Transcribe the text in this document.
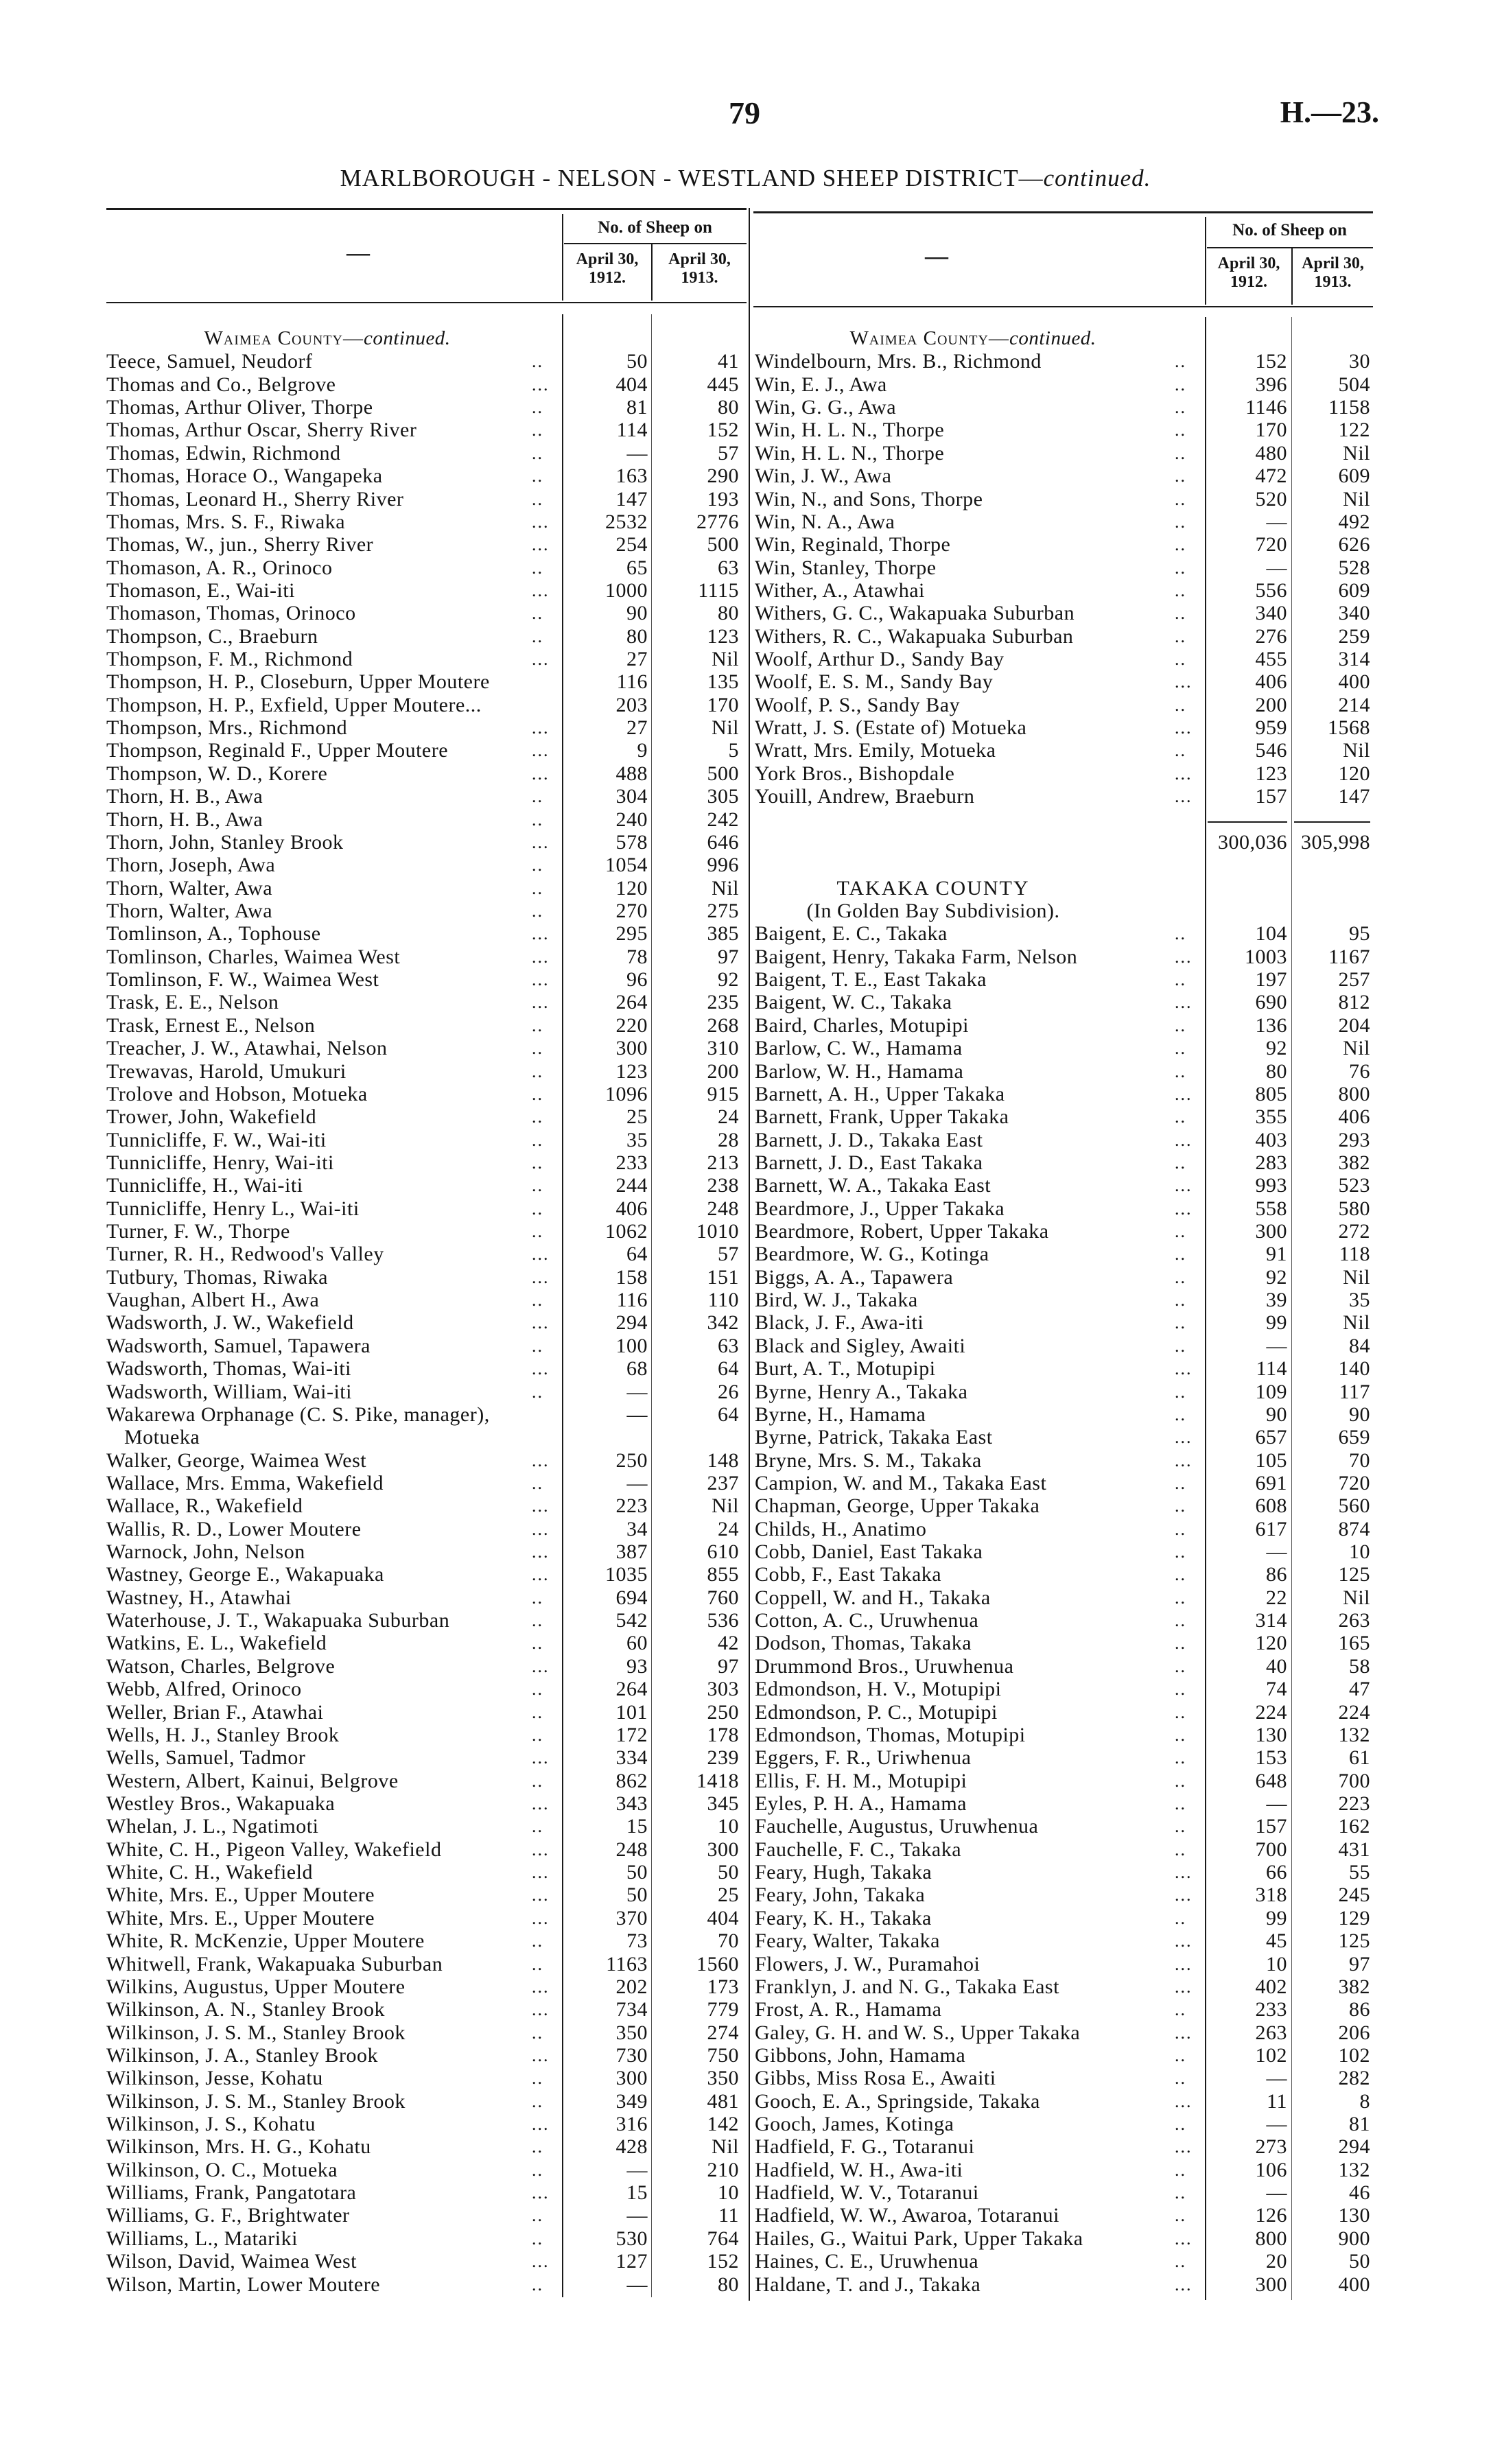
79	H.—23.
MARLBOROUGH - NELSON - WESTLAND SHEEP DISTRICT—continued.
—
No. of Sheep on
April 30,
1912.
April 30,
1913.
—
No. of Sheep on
April 30,
1912.
April 30,
1913.
Waimea County—continued.
Teece, Samuel, Neudorf	..	50	41
Thomas and Co., Belgrove	...	404	445
Thomas, Arthur Oliver, Thorpe	..	81	80
Thomas, Arthur Oscar, Sherry River	..	114	152
Thomas, Edwin, Richmond	..	—	57
Thomas, Horace O., Wangapeka	..	163	290
Thomas, Leonard H., Sherry River	..	147	193
Thomas, Mrs. S. F., Riwaka	...	2532	2776
Thomas, W., jun., Sherry River	...	254	500
Thomason, A. R., Orinoco	..	65	63
Thomason, E., Wai-iti	...	1000	1115
Thomason, Thomas, Orinoco	..	90	80
Thompson, C., Braeburn	..	80	123
Thompson, F. M., Richmond	...	27	Nil
Thompson, H. P., Closeburn, Upper Moutere	116	135
Thompson, H. P., Exfield, Upper Moutere...	203	170
Thompson, Mrs., Richmond	...	27	Nil
Thompson, Reginald F., Upper Moutere	...	9	5
Thompson, W. D., Korere	...	488	500
Thorn, H. B., Awa	..	304	305
Thorn, H. B., Awa	..	240	242
Thorn, John, Stanley Brook	...	578	646
Thorn, Joseph, Awa	..	1054	996
Thorn, Walter, Awa	..	120	Nil
Thorn, Walter, Awa	..	270	275
Tomlinson, A., Tophouse	...	295	385
Tomlinson, Charles, Waimea West	...	78	97
Tomlinson, F. W., Waimea West	...	96	92
Trask, E. E., Nelson	...	264	235
Trask, Ernest E., Nelson	..	220	268
Treacher, J. W., Atawhai, Nelson	..	300	310
Trewavas, Harold, Umukuri	..	123	200
Trolove and Hobson, Motueka	..	1096	915
Trower, John, Wakefield	..	25	24
Tunnicliffe, F. W., Wai-iti	..	35	28
Tunnicliffe, Henry, Wai-iti	..	233	213
Tunnicliffe, H., Wai-iti	..	244	238
Tunnicliffe, Henry L., Wai-iti	..	406	248
Turner, F. W., Thorpe	..	1062	1010
Turner, R. H., Redwood's Valley	...	64	57
Tutbury, Thomas, Riwaka	...	158	151
Vaughan, Albert H., Awa	..	116	110
Wadsworth, J. W., Wakefield	...	294	342
Wadsworth, Samuel, Tapawera	..	100	63
Wadsworth, Thomas, Wai-iti	...	68	64
Wadsworth, William, Wai-iti	..	—	26
Wakarewa Orphanage (C. S. Pike, manager),	—	64
Motueka
Walker, George, Waimea West	...	250	148
Wallace, Mrs. Emma, Wakefield	..	—	237
Wallace, R., Wakefield	...	223	Nil
Wallis, R. D., Lower Moutere	...	34	24
Warnock, John, Nelson	...	387	610
Wastney, George E., Wakapuaka	...	1035	855
Wastney, H., Atawhai	..	694	760
Waterhouse, J. T., Wakapuaka Suburban	..	542	536
Watkins, E. L., Wakefield	..	60	42
Watson, Charles, Belgrove	...	93	97
Webb, Alfred, Orinoco	..	264	303
Weller, Brian F., Atawhai	..	101	250
Wells, H. J., Stanley Brook	..	172	178
Wells, Samuel, Tadmor	...	334	239
Western, Albert, Kainui, Belgrove	..	862	1418
Westley Bros., Wakapuaka	...	343	345
Whelan, J. L., Ngatimoti	..	15	10
White, C. H., Pigeon Valley, Wakefield	...	248	300
White, C. H., Wakefield	...	50	50
White, Mrs. E., Upper Moutere	...	50	25
White, Mrs. E., Upper Moutere	...	370	404
White, R. McKenzie, Upper Moutere	..	73	70
Whitwell, Frank, Wakapuaka Suburban	..	1163	1560
Wilkins, Augustus, Upper Moutere	...	202	173
Wilkinson, A. N., Stanley Brook	...	734	779
Wilkinson, J. S. M., Stanley Brook	..	350	274
Wilkinson, J. A., Stanley Brook	...	730	750
Wilkinson, Jesse, Kohatu	..	300	350
Wilkinson, J. S. M., Stanley Brook	..	349	481
Wilkinson, J. S., Kohatu	...	316	142
Wilkinson, Mrs. H. G., Kohatu	..	428	Nil
Wilkinson, O. C., Motueka	..	—	210
Williams, Frank, Pangatotara	...	15	10
Williams, G. F., Brightwater	..	—	11
Williams, L., Matariki	..	530	764
Wilson, David, Waimea West	...	127	152
Wilson, Martin, Lower Moutere	..	—	80
Waimea County—continued.
Windelbourn, Mrs. B., Richmond	..	152	30
Win, E. J., Awa	..	396	504
Win, G. G., Awa	..	1146	1158
Win, H. L. N., Thorpe	..	170	122
Win, H. L. N., Thorpe	..	480	Nil
Win, J. W., Awa	..	472	609
Win, N., and Sons, Thorpe	..	520	Nil
Win, N. A., Awa	..	—	492
Win, Reginald, Thorpe	..	720	626
Win, Stanley, Thorpe	..	—	528
Wither, A., Atawhai	..	556	609
Withers, G. C., Wakapuaka Suburban	..	340	340
Withers, R. C., Wakapuaka Suburban	..	276	259
Woolf, Arthur D., Sandy Bay	..	455	314
Woolf, E. S. M., Sandy Bay	...	406	400
Woolf, P. S., Sandy Bay	..	200	214
Wratt, J. S. (Estate of) Motueka	...	959	1568
Wratt, Mrs. Emily, Motueka	..	546	Nil
York Bros., Bishopdale	...	123	120
Youill, Andrew, Braeburn	...	157	147
300,036 305,998
TAKAKA COUNTY
(In Golden Bay Subdivision).
Baigent, E. C., Takaka	..	104	95
Baigent, Henry, Takaka Farm, Nelson	...	1003	1167
Baigent, T. E., East Takaka	..	197	257
Baigent, W. C., Takaka	...	690	812
Baird, Charles, Motupipi	..	136	204
Barlow, C. W., Hamama	..	92	Nil
Barlow, W. H., Hamama	..	80	76
Barnett, A. H., Upper Takaka	...	805	800
Barnett, Frank, Upper Takaka	..	355	406
Barnett, J. D., Takaka East	...	403	293
Barnett, J. D., East Takaka	..	283	382
Barnett, W. A., Takaka East	...	993	523
Beardmore, J., Upper Takaka	...	558	580
Beardmore, Robert, Upper Takaka	..	300	272
Beardmore, W. G., Kotinga	..	91	118
Biggs, A. A., Tapawera	..	92	Nil
Bird, W. J., Takaka	..	39	35
Black, J. F., Awa-iti	..	99	Nil
Black and Sigley, Awaiti	..	—	84
Burt, A. T., Motupipi	...	114	140
Byrne, Henry A., Takaka	..	109	117
Byrne, H., Hamama	..	90	90
Byrne, Patrick, Takaka East	...	657	659
Bryne, Mrs. S. M., Takaka	...	105	70
Campion, W. and M., Takaka East	..	691	720
Chapman, George, Upper Takaka	..	608	560
Childs, H., Anatimo	..	617	874
Cobb, Daniel, East Takaka	..	—	10
Cobb, F., East Takaka	..	86	125
Coppell, W. and H., Takaka	..	22	Nil
Cotton, A. C., Uruwhenua	..	314	263
Dodson, Thomas, Takaka	..	120	165
Drummond Bros., Uruwhenua	..	40	58
Edmondson, H. V., Motupipi	..	74	47
Edmondson, P. C., Motupipi	..	224	224
Edmondson, Thomas, Motupipi	..	130	132
Eggers, F. R., Uriwhenua	..	153	61
Ellis, F. H. M., Motupipi	..	648	700
Eyles, P. H. A., Hamama	..	—	223
Fauchelle, Augustus, Uruwhenua	..	157	162
Fauchelle, F. C., Takaka	..	700	431
Feary, Hugh, Takaka	...	66	55
Feary, John, Takaka	...	318	245
Feary, K. H., Takaka	..	99	129
Feary, Walter, Takaka	...	45	125
Flowers, J. W., Puramahoi	...	10	97
Franklyn, J. and N. G., Takaka East	...	402	382
Frost, A. R., Hamama	..	233	86
Galey, G. H. and W. S., Upper Takaka	...	263	206
Gibbons, John, Hamama	..	102	102
Gibbs, Miss Rosa E., Awaiti	..	—	282
Gooch, E. A., Springside, Takaka	...	11	8
Gooch, James, Kotinga	..	—	81
Hadfield, F. G., Totaranui	...	273	294
Hadfield, W. H., Awa-iti	..	106	132
Hadfield, W. V., Totaranui	..	—	46
Hadfield, W. W., Awaroa, Totaranui	..	126	130
Hailes, G., Waitui Park, Upper Takaka	...	800	900
Haines, C. E., Uruwhenua	..	20	50
Haldane, T. and J., Takaka	...	300	400
